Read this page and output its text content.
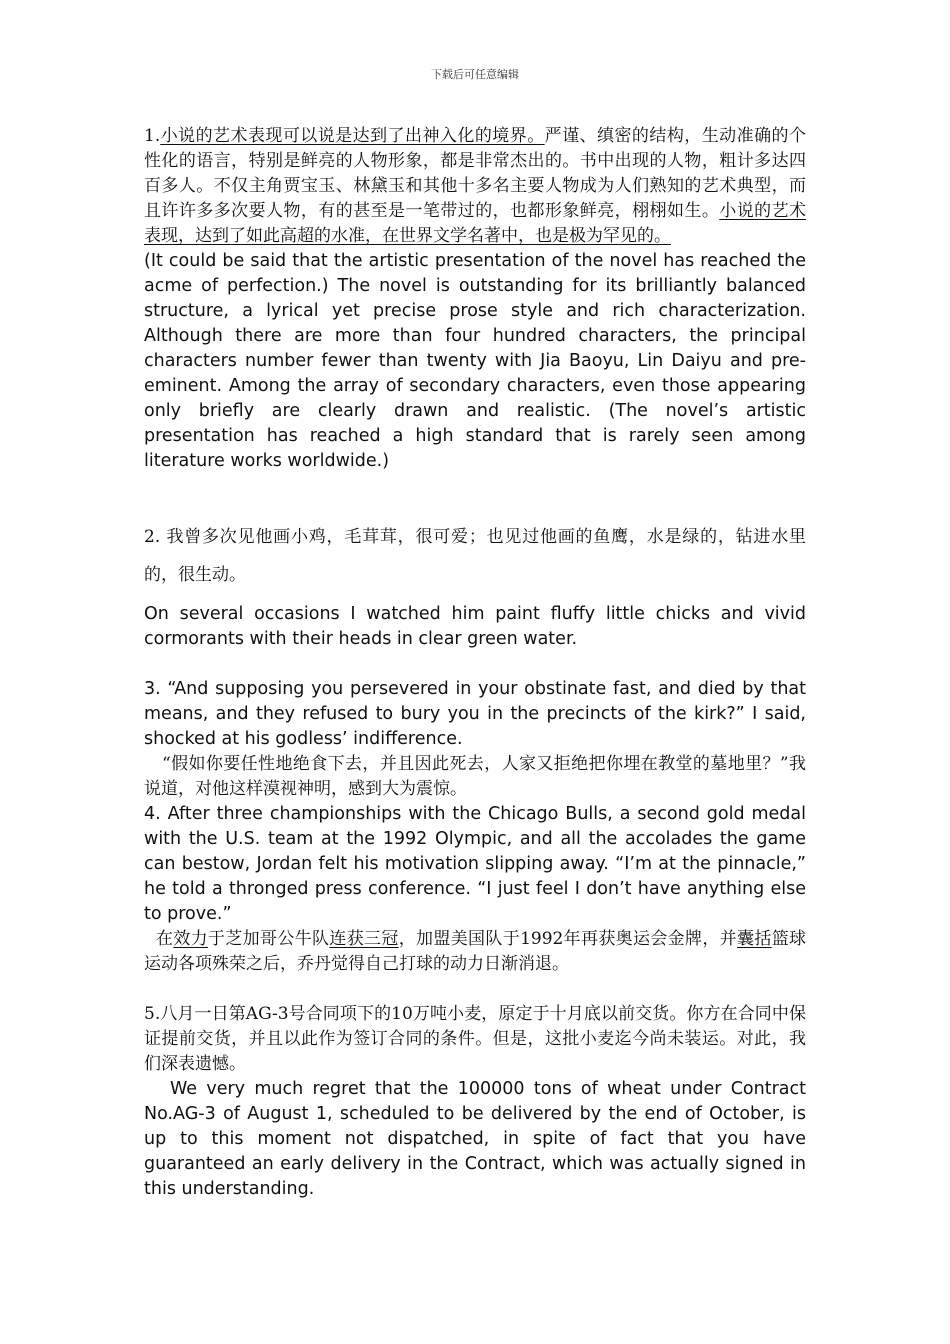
下载后可任意编辑

1.小说的艺术表现可以说是达到了出神入化的境界。严谨、缜密的结构，生动准确的个性化的语言，特别是鲜亮的人物形象，都是非常杰出的。书中出现的人物，粗计多达四百多人。不仅主角贾宝玉、林黛玉和其他十多名主要人物成为人们熟知的艺术典型，而且许许多多次要人物，有的甚至是一笔带过的，也都形象鲜亮，栩栩如生。小说的艺术表现，达到了如此高超的水准，在世界文学名著中，也是极为罕见的。

(It could be said that the artistic presentation of the novel has reached the acme of perfection.) The novel is outstanding for its brilliantly balanced structure, a lyrical yet precise prose style and rich characterization. Although there are more than four hundred characters, the principal characters number fewer than twenty with Jia Baoyu, Lin Daiyu and pre-eminent. Among the array of secondary characters, even those appearing only briefly are clearly drawn and realistic. (The novel’s artistic presentation has reached a high standard that is rarely seen among literature works worldwide.)

2. 我曾多次见他画小鸡，毛茸茸，很可爱；也见过他画的鱼鹰，水是绿的，钻进水里的，很生动。

On several occasions I watched him paint fluffy little chicks and vivid cormorants with their heads in clear green water.

3. “And supposing you persevered in your obstinate fast, and died by that means, and they refused to bury you in the precincts of the kirk?” I said, shocked at his godless’ indifference.

“假如你要任性地绝食下去，并且因此死去，人家又拒绝把你埋在教堂的墓地里？”我说道，对他这样漠视神明，感到大为震惊。

4. After three championships with the Chicago Bulls, a second gold medal with the U.S. team at the 1992 Olympic, and all the accolades the game can bestow, Jordan felt his motivation slipping away. “I’m at the pinnacle,” he told a thronged press conference. “I just feel I don’t have anything else to prove.”

在效力于芝加哥公牛队连获三冠，加盟美国队于1992年再获奥运会金牌，并囊括篮球运动各项殊荣之后，乔丹觉得自己打球的动力日渐消退。

5.八月一日第AG-3号合同项下的10万吨小麦，原定于十月底以前交货。你方在合同中保证提前交货，并且以此作为签订合同的条件。但是，这批小麦迄今尚未装运。对此，我们深表遗憾。

We very much regret that the 100000 tons of wheat under Contract No.AG-3 of August 1, scheduled to be delivered by the end of October, is up to this moment not dispatched, in spite of fact that you have guaranteed an early delivery in the Contract, which was actually signed in this understanding.
